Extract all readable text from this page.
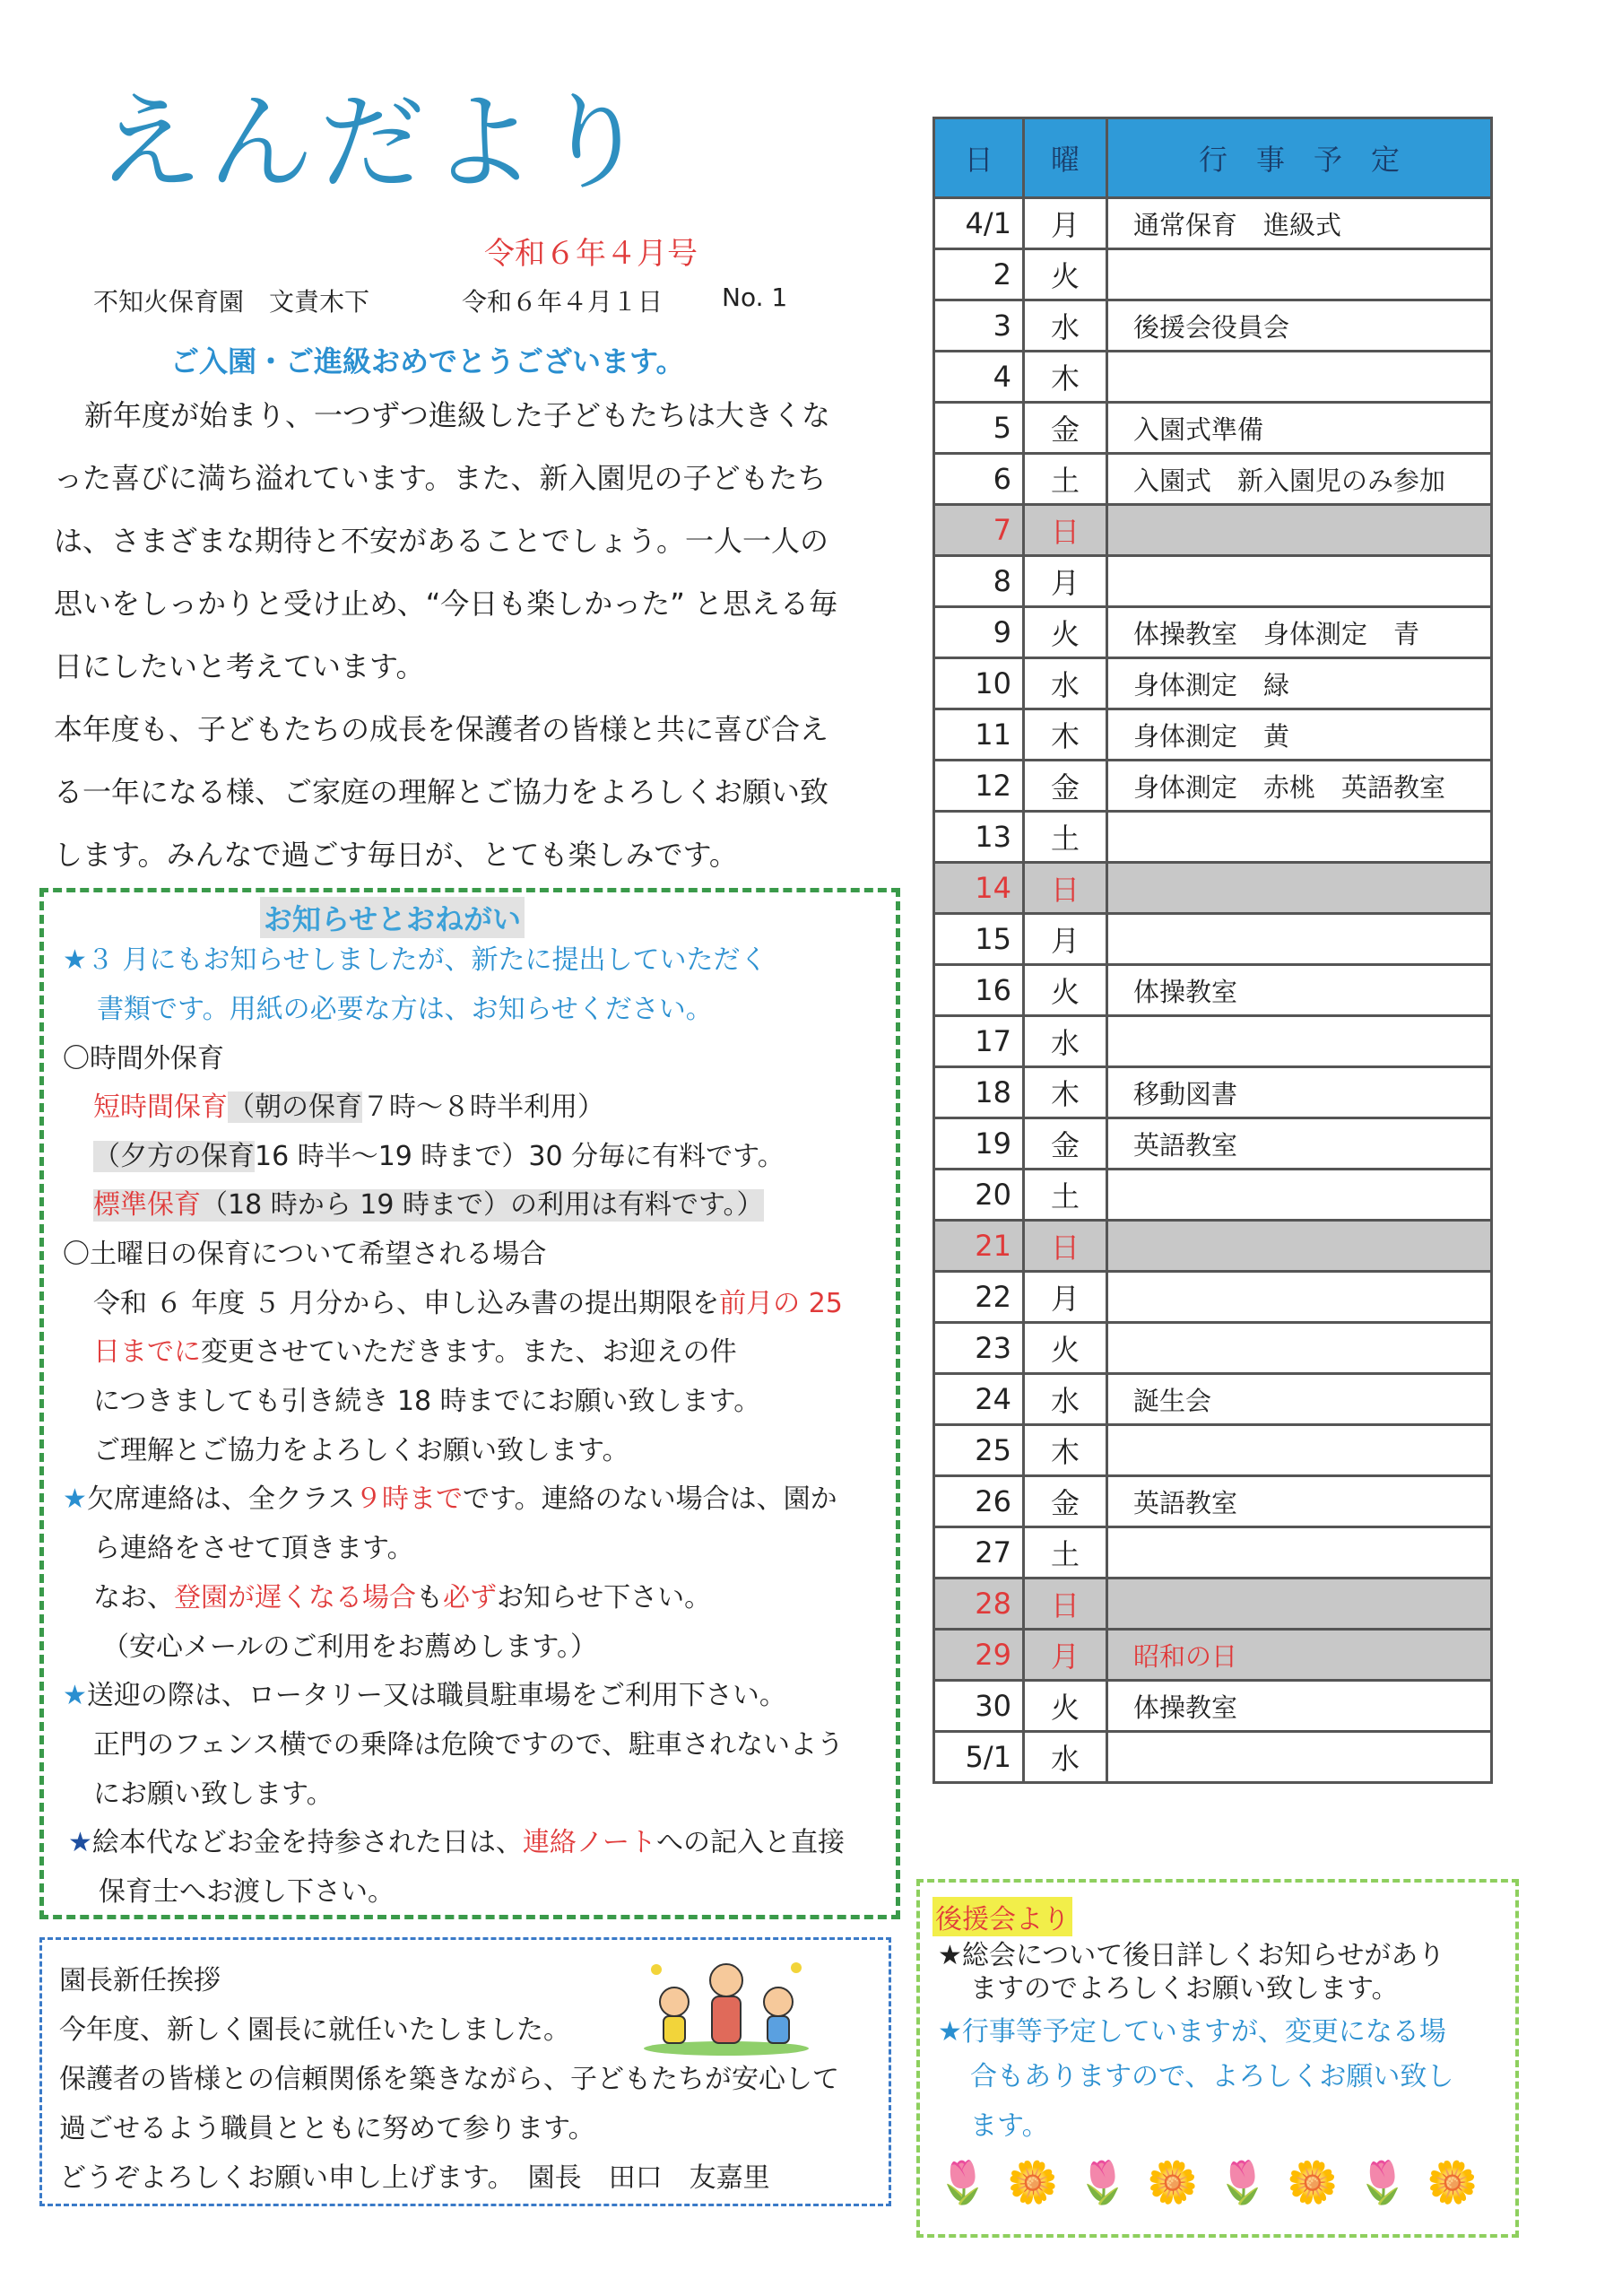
えんだより
令和６年４月号
不知火保育園　文責木下	令和６年４月１日 No. 1
ご入園・ご進級おめでとうございます。

新年度が始まり、一つずつ進級した子どもたちは大きくな

った喜びに満ち溢れています。また、新入園児の子どもたち

は、さまざまな期待と不安があることでしょう。一人一人の

思いをしっかりと受け止め、“今日も楽しかった” と思える毎

日にしたいと考えています。

本年度も、子どもたちの成長を保護者の皆様と共に喜び合え

る一年になる様、ご家庭の理解とご協力をよろしくお願い致

します。みんなで過ごす毎日が、とても楽しみです。

お知らせとおねがい
★３ 月にもお知らせしましたが、新たに提出していただく
書類です。用紙の必要な方は、お知らせください。
〇時間外保育
短時間保育（朝の保育７時～８時半利用）
（夕方の保育16 時半～19 時まで）30 分毎に有料です。
標準保育（18 時から 19 時まで）の利用は有料です。）
〇土曜日の保育について希望される場合
令和 ６ 年度 ５ 月分から、申し込み書の提出期限を前月の 25
日までに変更させていただきます。また、お迎えの件
につきましても引き続き 18 時までにお願い致します。
ご理解とご協力をよろしくお願い致します。
★欠席連絡は、全クラス９時までです。連絡のない場合は、園か
ら連絡をさせて頂きます。
なお、登園が遅くなる場合も必ずお知らせ下さい。
（安心メールのご利用をお薦めします。）
★送迎の際は、ロータリー又は職員駐車場をご利用下さい。
正門のフェンス横での乗降は危険ですので、駐車されないよう
にお願い致します。
★絵本代などお金を持参された日は、連絡ノートへの記入と直接
保育士へお渡し下さい。
園長新任挨拶
今年度、新しく園長に就任いたしました。
保護者の皆様との信頼関係を築きながら、子どもたちが安心して
過ごせるよう職員とともに努めて参ります。
どうぞよろしくお願い申し上げます。　園長　田口　友嘉里
日	曜	行　事　予　定
4/1	月	通常保育　進級式
2	火	
3	水	後援会役員会
4	木	
5	金	入園式準備
6	土	入園式　新入園児のみ参加
7	日	
8	月	
9	火	体操教室　身体測定　青
10	水	身体測定　緑
11	木	身体測定　黄
12	金	身体測定　赤桃　英語教室
13	土	
14	日	
15	月	
16	火	体操教室
17	水	
18	木	移動図書
19	金	英語教室
20	土	
21	日	
22	月	
23	火	
24	水	誕生会
25	木	
26	金	英語教室
27	土	
28	日	
29	月	昭和の日
30	火	体操教室
5/1	水	
後援会より
★総会について後日詳しくお知らせがあり
ますのでよろしくお願い致します。
★行事等予定していますが、変更になる場
合もありますので、よろしくお願い致し
ます。
🌷 🌼 🌷 🌼 🌷 🌼 🌷 🌼
